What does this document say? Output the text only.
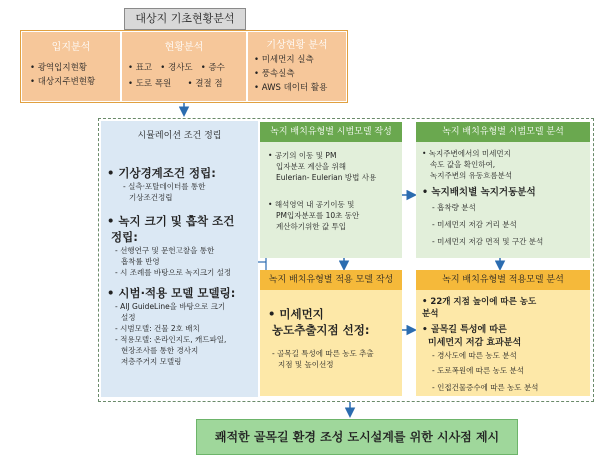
대상지 기초현황분석
입지분석
• 광역입지현황
• 대상지주변현황
현황분석
• 표고 • 경사도 • 증수
• 도로 폭원 • 결절 점
기상현황 분석
• 미세먼지 실측
• 풍속실측
• AWS 데이터 활용
시뮬레이션 조건 정립
• 기상경계조건 정립:
- 실측·포탈데이터를 통한
기상조건정립
• 녹지 크기 및 흡착 조건
정립:
- 선행연구 및 문헌고찰을 통한
흡착률 반영
- 시 조례를 바탕으로 녹지크기 설정
• 시범·적용 모델 모델링:
- AIJ GuideLine을 바탕으로 크기
설정
- 시범모델: 건물 2호 배치
- 적용모델: 온라인지도, 캐드파일,
현장조사를 통한 경사지
저층주거지 모델링
녹지 배치유형별 시범모델 작성
• 공기의 이동 및 PM
입자분포 계산을 위해
Eulerian- Eulerian 방법 사용
• 해석영역 내 공기이동 및
PM입자분포를 10초 동안
계산하기위한 값 투입
녹지 배치유형별 시범모델 분석
• 녹지주변에서의 미세먼지
속도 값을 확인하여,
녹지주변의 유동흐름분석
• 녹지배치별 녹지거동분석
- 흡착량 분석
- 미세먼지 저감 거리 분석
- 미세먼지 저감 면적 및 구간 분석
녹지 배치유형별 적용 모델 작성
• 미세먼지
농도추출지점 선정:
- 골목길 특성에 따른 농도 추출
지점 및 높이선정
녹지 배치유형별 적용모델 분석
• 22개 지점 높이에 따른 농도
분석
• 골목길 특성에 따른
미세먼지 저감 효과분석
- 경사도에 따른 농도 분석
- 도로폭원에 따른 농도 분석
- 인접건물증수에 따른 농도 분석
쾌적한 골목길 환경 조성 도시설계를 위한 시사점 제시
